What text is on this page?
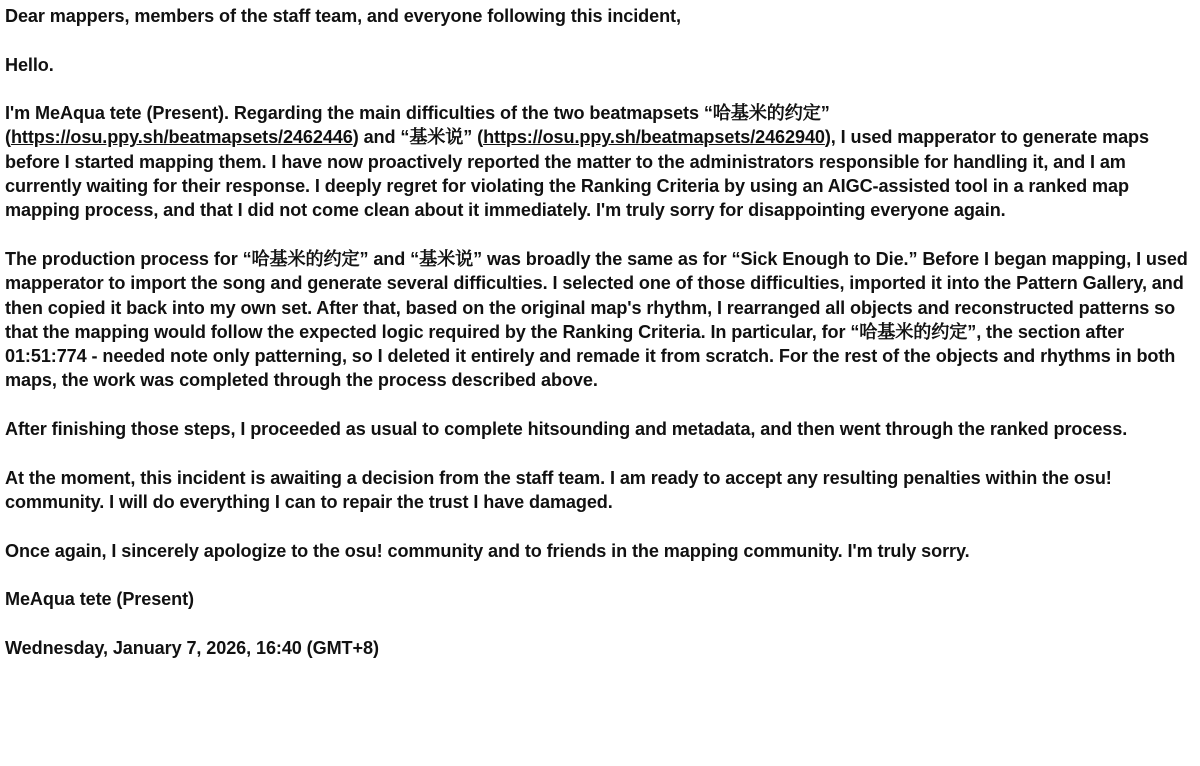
Dear mappers, members of the staff team, and everyone following this incident,

Hello.

I'm MeAqua tete (Present). Regarding the main difficulties of the two beatmapsets “哈基米的约定”
(https://osu.ppy.sh/beatmapsets/2462446) and “基米说” (https://osu.ppy.sh/beatmapsets/2462940), I used mapperator to generate maps before I started mapping them. I have now proactively reported the matter to the administrators responsible for handling it, and I am currently waiting for their response. I deeply regret for violating the Ranking Criteria by using an AIGC-assisted tool in a ranked map mapping process, and that I did not come clean about it immediately. I'm truly sorry for disappointing everyone again.

The production process for “哈基米的约定” and “基米说” was broadly the same as for “Sick Enough to Die.” Before I began mapping, I used mapperator to import the song and generate several difficulties. I selected one of those difficulties, imported it into the Pattern Gallery, and then copied it back into my own set. After that, based on the original map's rhythm, I rearranged all objects and reconstructed patterns so that the mapping would follow the expected logic required by the Ranking Criteria. In particular, for “哈基米的约定”, the section after 01:51:774 - needed note only patterning, so I deleted it entirely and remade it from scratch. For the rest of the objects and rhythms in both maps, the work was completed through the process described above.

After finishing those steps, I proceeded as usual to complete hitsounding and metadata, and then went through the ranked process.

At the moment, this incident is awaiting a decision from the staff team. I am ready to accept any resulting penalties within the osu! community. I will do everything I can to repair the trust I have damaged.

Once again, I sincerely apologize to the osu! community and to friends in the mapping community. I'm truly sorry.

MeAqua tete (Present)

Wednesday, January 7, 2026, 16:40 (GMT+8)
